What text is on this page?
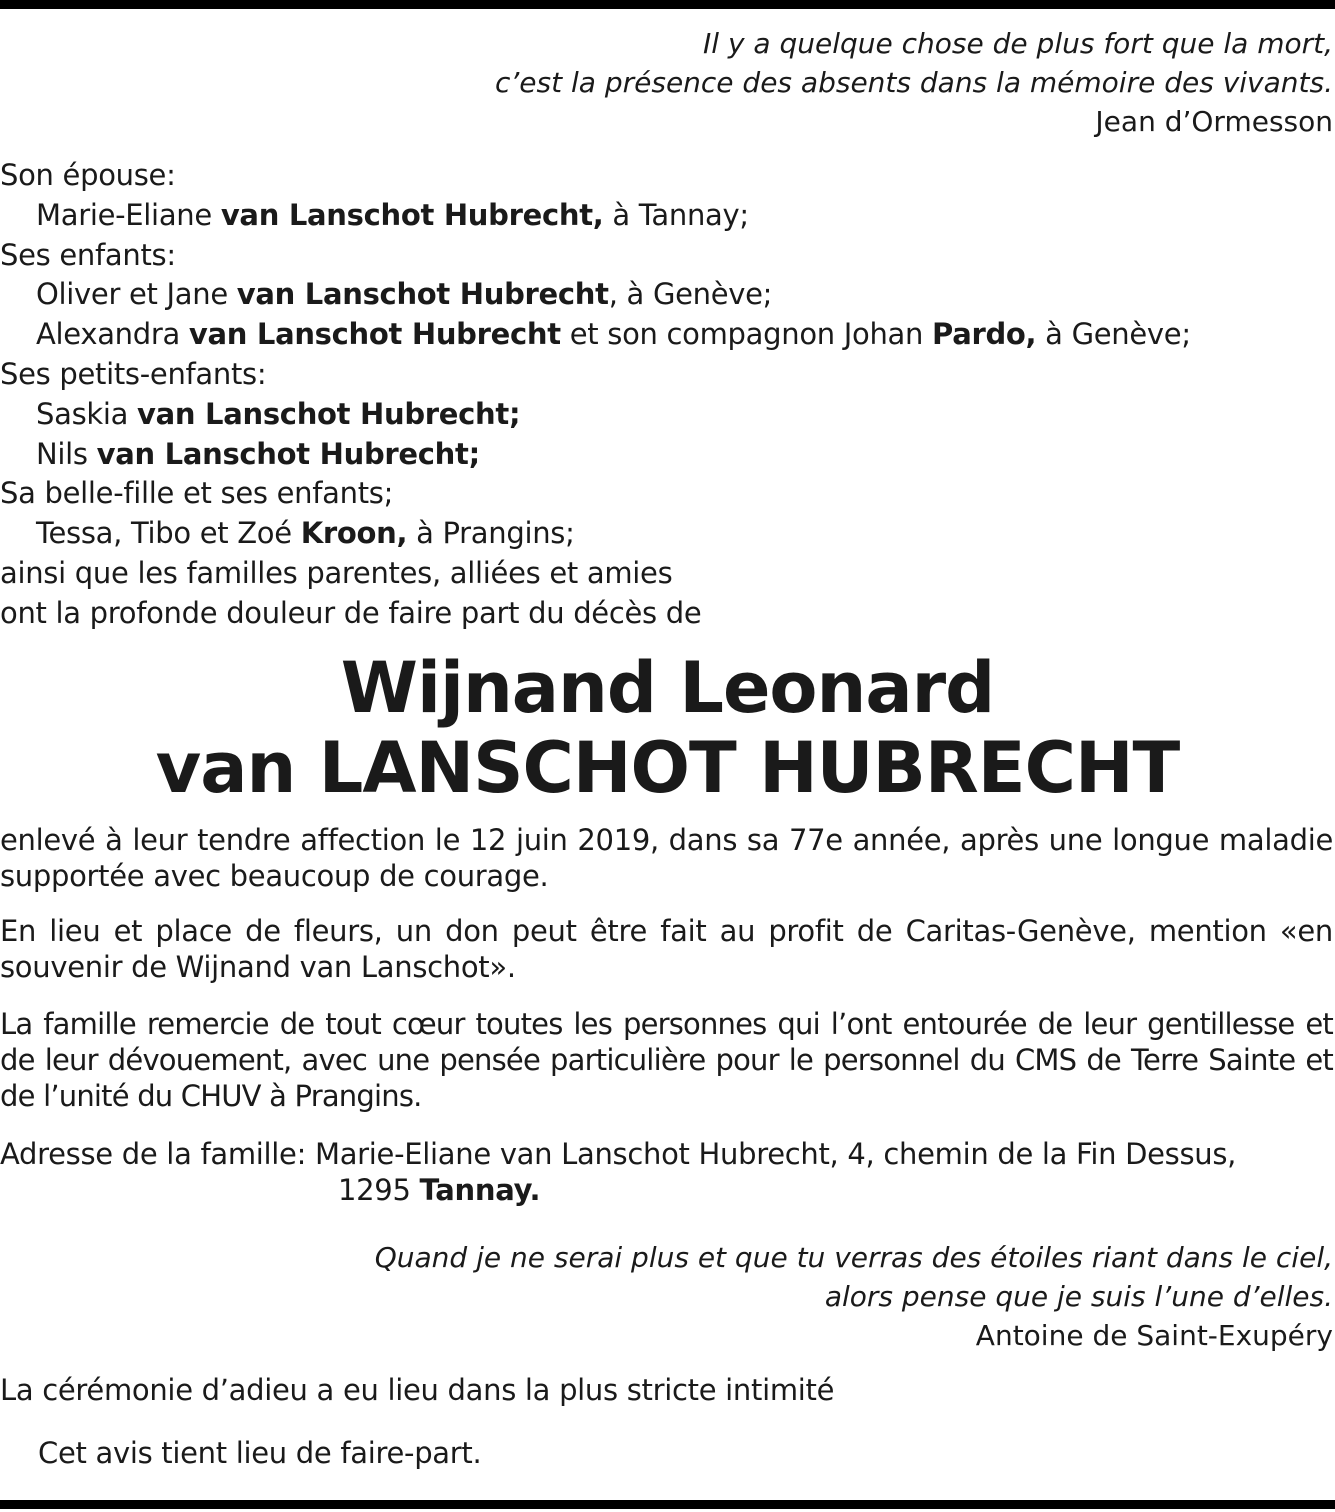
Il y a quelque chose de plus fort que la mort,
c’est la présence des absents dans la mémoire des vivants.
Jean d’Ormesson
Son épouse:
Marie-Eliane van Lanschot Hubrecht, à Tannay;
Ses enfants:
Oliver et Jane van Lanschot Hubrecht, à Genève;
Alexandra van Lanschot Hubrecht et son compagnon Johan Pardo, à Genève;
Ses petits-enfants:
Saskia van Lanschot Hubrecht;
Nils van Lanschot Hubrecht;
Sa belle-fille et ses enfants;
Tessa, Tibo et Zoé Kroon, à Prangins;
ainsi que les familles parentes, alliées et amies
ont la profonde douleur de faire part du décès de
Wijnand Leonard
van LANSCHOT HUBRECHT
enlevé à leur tendre affection le 12 juin 2019, dans sa 77e année, après une longue maladie supportée avec beaucoup de courage.
En lieu et place de fleurs, un don peut être fait au profit de Caritas-Genève, mention «en souvenir de Wijnand van Lanschot».
La famille remercie de tout cœur toutes les personnes qui l’ont entourée de leur gentillesse et de leur dévouement, avec une pensée particulière pour le personnel du CMS de Terre Sainte et de l’unité du CHUV à Prangins.
Adresse de la famille: Marie-Eliane van Lanschot Hubrecht, 4, chemin de la Fin Dessus,
1295 Tannay.
Quand je ne serai plus et que tu verras des étoiles riant dans le ciel,
alors pense que je suis l’une d’elles.
Antoine de Saint-Exupéry
La cérémonie d’adieu a eu lieu dans la plus stricte intimité
Cet avis tient lieu de faire-part.
